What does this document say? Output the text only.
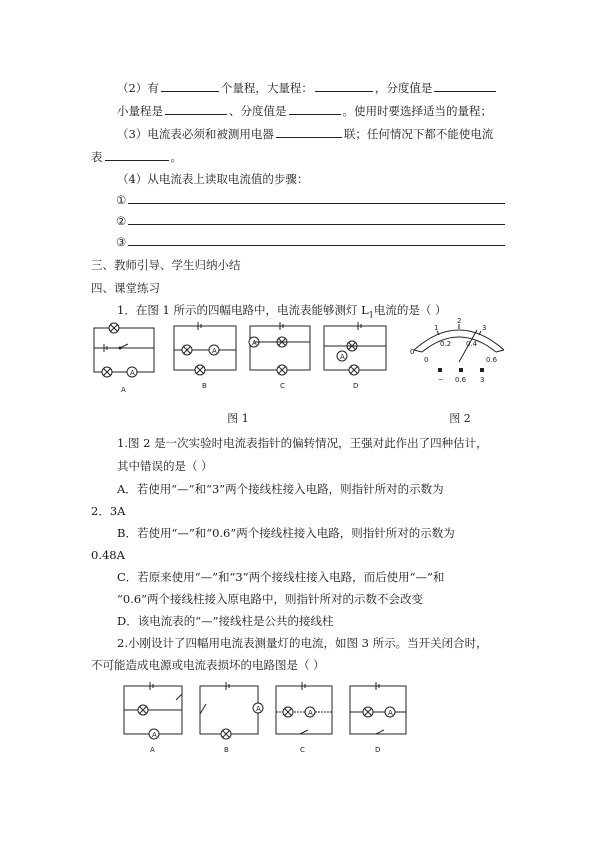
（2）有	个量程，大量程：	，分度值是
小量程是	、分度值是	。使用时要选择适当的量程；
（3）电流表必须和被测用电器	联；任何情况下都不能使电流
表	。
（4）从电流表上读取电流值的步骤：
①
②
③
三、教师引导、学生归纳小结
四、课堂练习
1．在图 1 所示的四幅电路中，电流表能够测灯 $L_1$电流的是（ ）
A
A
A
A
A	B	C	D
0
1
2
3
0
0.2 0.4
0.6
− 0.6 3
图 1	图 2
1.图 2 是一次实验时电流表指针的偏转情况，王强对此作出了四种估计，
其中错误的是（ ）
A．若使用“—”和“3”两个接线柱接入电路，则指针所对的示数为
2．3A
B．若使用“—”和“0.6”两个接线柱接入电路，则指针所对的示数为
0.48A
C．若原来使用“—”和“3”两个接线柱接入电路，而后使用“—”和
“0.6”两个接线柱接入原电路中，则指针所对的示数不会改变
D．该电流表的“—”接线柱是公共的接线柱
2.小刚设计了四幅用电流表测量灯的电流，如图 3 所示。当开关闭合时，
不可能造成电源或电流表损坏的电路图是（ ）
A
A	A	A
A	B	C	D
